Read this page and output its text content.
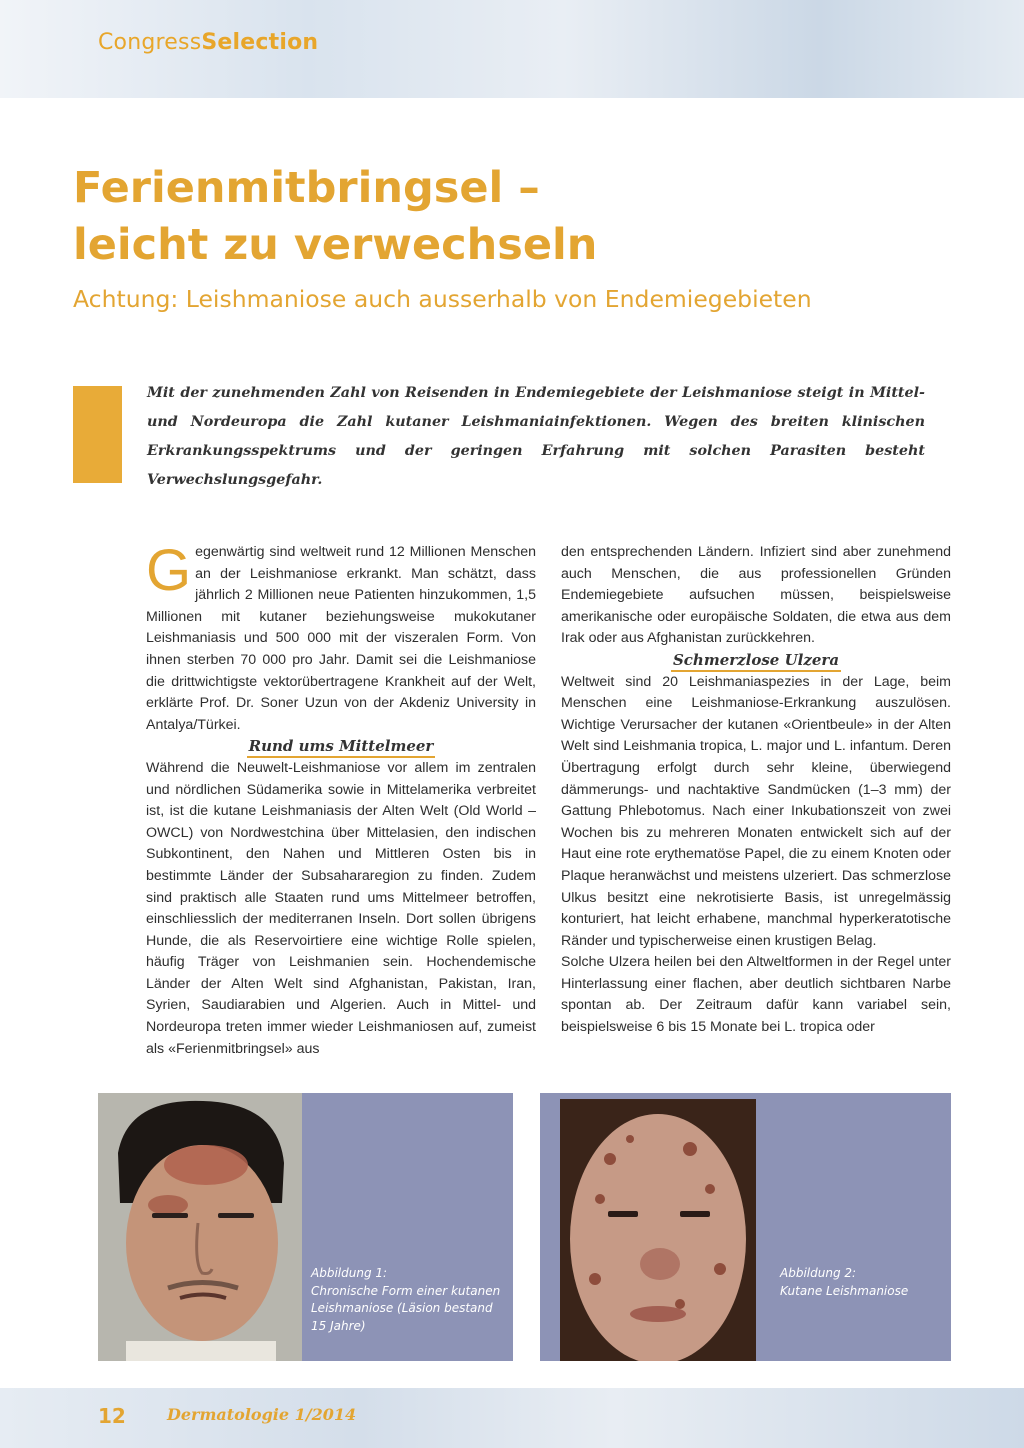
CongressSelection
Ferienmitbringsel –
leicht zu verwechseln
Achtung: Leishmaniose auch ausserhalb von Endemiegebieten
Mit der zunehmenden Zahl von Reisenden in Endemiegebiete der Leishmaniose steigt in Mittel- und Nordeuropa die Zahl kutaner Leishmaniainfektionen. Wegen des breiten klinischen Erkrankungsspektrums und der geringen Erfahrung mit solchen Parasiten besteht Verwechslungsgefahr.

Gegenwärtig sind weltweit rund 12 Millionen Menschen an der Leishmaniose erkrankt. Man schätzt, dass jährlich 2 Millionen neue Patienten hinzukommen, 1,5 Millionen mit kutaner beziehungsweise mukokutaner Leishmaniasis und 500 000 mit der viszeralen Form. Von ihnen sterben 70 000 pro Jahr. Damit sei die Leishmaniose die drittwichtigste vektorübertragene Krankheit auf der Welt, erklärte Prof. Dr. Soner Uzun von der Akdeniz University in Antalya/Türkei.

Rund ums Mittelmeer

Während die Neuwelt-Leishmaniose vor allem im zentralen und nördlichen Südamerika sowie in Mittelamerika verbreitet ist, ist die kutane Leishmaniasis der Alten Welt (Old World – OWCL) von Nordwestchina über Mittelasien, den indischen Subkontinent, den Nahen und Mittleren Osten bis in bestimmte Länder der Subsahararegion zu finden. Zudem sind praktisch alle Staaten rund ums Mittelmeer betroffen, einschliesslich der mediterranen Inseln. Dort sollen übrigens Hunde, die als Reservoirtiere eine wichtige Rolle spielen, häufig Träger von Leishmanien sein. Hochendemische Länder der Alten Welt sind Afghanistan, Pakistan, Iran, Syrien, Saudiarabien und Algerien. Auch in Mittel- und Nordeuropa treten immer wieder Leishmaniosen auf, zumeist als «Ferienmitbringsel» aus

den entsprechenden Ländern. Infiziert sind aber zunehmend auch Menschen, die aus professionellen Gründen Endemiegebiete aufsuchen müssen, beispielsweise amerikanische oder europäische Soldaten, die etwa aus dem Irak oder aus Afghanistan zurückkehren.

Schmerzlose Ulzera

Weltweit sind 20 Leishmaniaspezies in der Lage, beim Menschen eine Leishmaniose-Erkrankung auszulösen. Wichtige Verursacher der kutanen «Orientbeule» in der Alten Welt sind Leishmania tropica, L. major und L. infantum. Deren Übertragung erfolgt durch sehr kleine, überwiegend dämmerungs- und nachtaktive Sandmücken (1–3 mm) der Gattung Phlebotomus. Nach einer Inkubationszeit von zwei Wochen bis zu mehreren Monaten entwickelt sich auf der Haut eine rote erythematöse Papel, die zu einem Knoten oder Plaque heranwächst und meistens ulzeriert. Das schmerzlose Ulkus besitzt eine nekrotisierte Basis, ist unregelmässig konturiert, hat leicht erhabene, manchmal hyperkeratotische Ränder und typischerweise einen krustigen Belag.

Solche Ulzera heilen bei den Altweltformen in der Regel unter Hinterlassung einer flachen, aber deutlich sichtbaren Narbe spontan ab. Der Zeitraum dafür kann variabel sein, beispielsweise 6 bis 15 Monate bei L. tropica oder

Abbildung 1:
Chronische Form einer kutanen Leishmaniose (Läsion bestand 15 Jahre)
Abbildung 2:
Kutane Leishmaniose
12	Dermatologie 1/2014
